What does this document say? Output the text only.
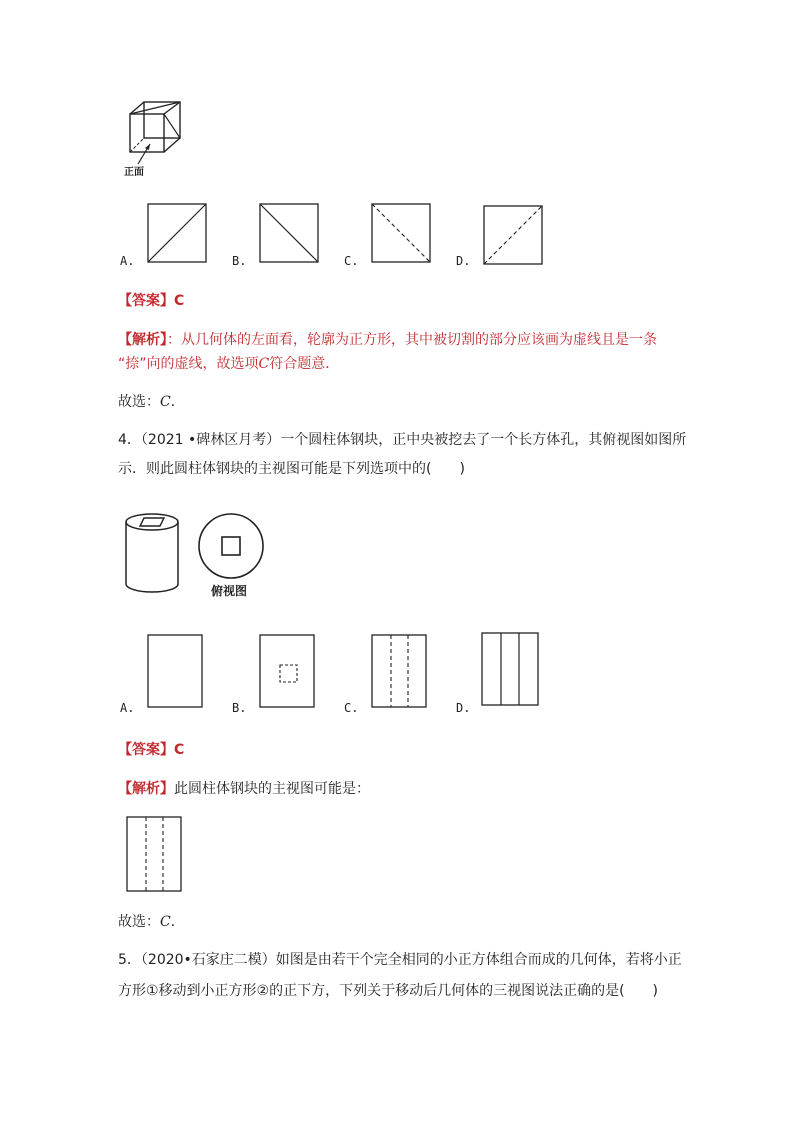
正面
A.	B.	C.	D.
【答案】C
【解析】：从几何体的左面看，轮廓为正方形，其中被切割的部分应该画为虚线且是一条
“捺”向的虚线，故选项C符合题意．
故选：C．
4．（2021 •碑林区月考）一个圆柱体钢块，正中央被挖去了一个长方体孔，其俯视图如图所
示．则此圆柱体钢块的主视图可能是下列选项中的(　　)
俯视图
A.	B.	C.	D.
【答案】C
【解析】此圆柱体钢块的主视图可能是：
故选：C．
5．（2020•石家庄二模）如图是由若干个完全相同的小正方体组合而成的几何体，若将小正
方形①移动到小正方形②的正下方，下列关于移动后几何体的三视图说法正确的是(　　)
